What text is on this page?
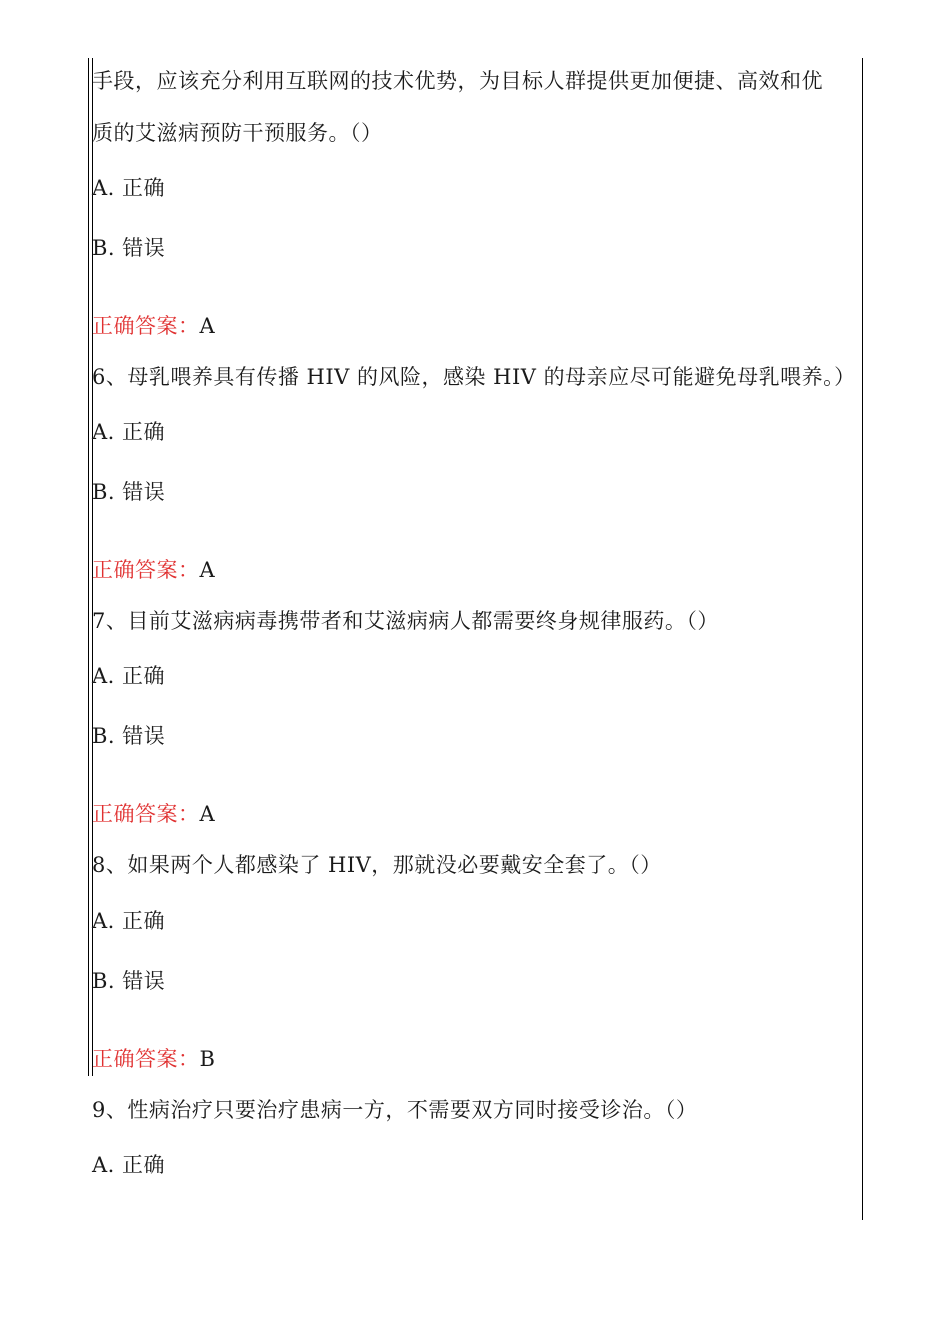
手段，应该充分利用互联网的技术优势，为目标人群提供更加便捷、高效和优
质的艾滋病预防干预服务。（）
A. 正确
B. 错误
正确答案：A
6、母乳喂养具有传播 HIV 的风险，感染 HIV 的母亲应尽可能避免母乳喂养。）
A. 正确
B. 错误
正确答案：A
7、目前艾滋病病毒携带者和艾滋病病人都需要终身规律服药。（）
A. 正确
B. 错误
正确答案：A
8、如果两个人都感染了 HIV，那就没必要戴安全套了。（）
A. 正确
B. 错误
正确答案：B
9、性病治疗只要治疗患病一方，不需要双方同时接受诊治。（）
A. 正确
